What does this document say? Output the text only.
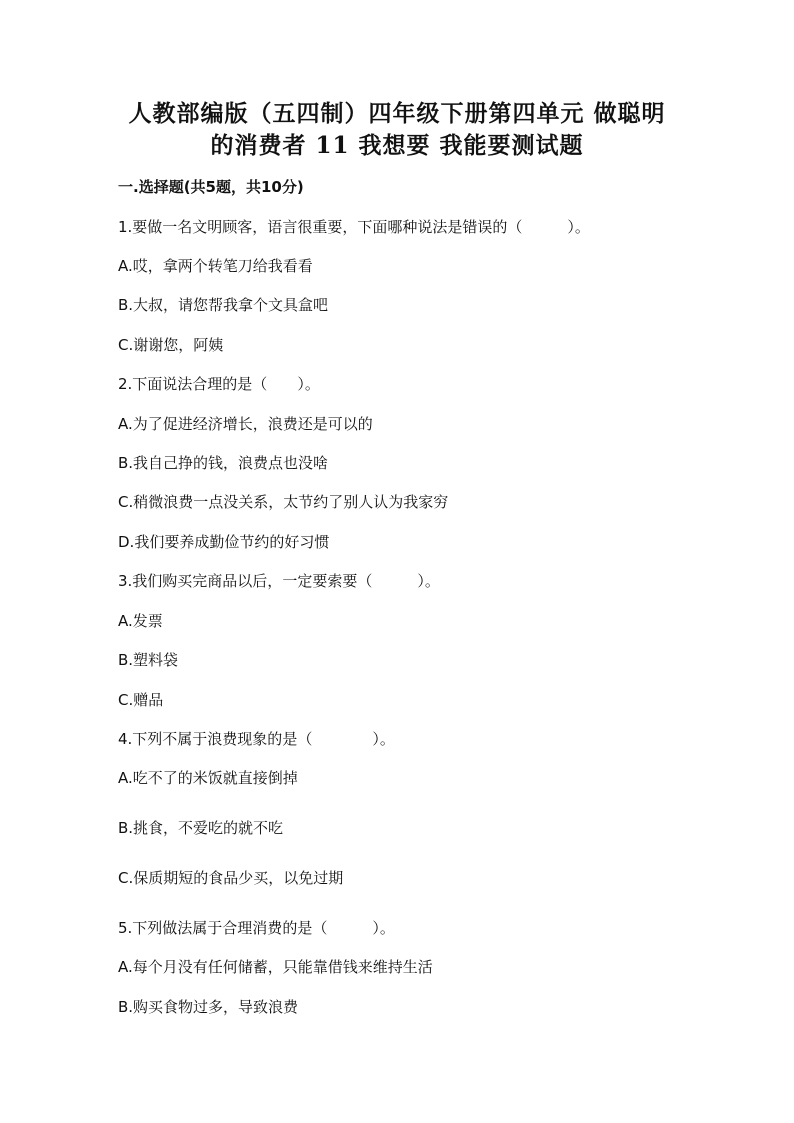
人教部编版（五四制）四年级下册第四单元 做聪明
的消费者 11 我想要 我能要测试题
一.选择题(共5题，共10分)
1.要做一名文明顾客，语言很重要，下面哪种说法是错误的（　　　）。
A.哎，拿两个转笔刀给我看看
B.大叔，请您帮我拿个文具盒吧
C.谢谢您，阿姨
2.下面说法合理的是（　　）。
A.为了促进经济增长，浪费还是可以的
B.我自己挣的钱，浪费点也没啥
C.稍微浪费一点没关系，太节约了别人认为我家穷
D.我们要养成勤俭节约的好习惯
3.我们购买完商品以后，一定要索要（　　　）。
A.发票
B.塑料袋
C.赠品
4.下列不属于浪费现象的是（　　　　）。
A.吃不了的米饭就直接倒掉
B.挑食，不爱吃的就不吃
C.保质期短的食品少买，以免过期
5.下列做法属于合理消费的是（　　　）。
A.每个月没有任何储蓄，只能靠借钱来维持生活
B.购买食物过多，导致浪费
